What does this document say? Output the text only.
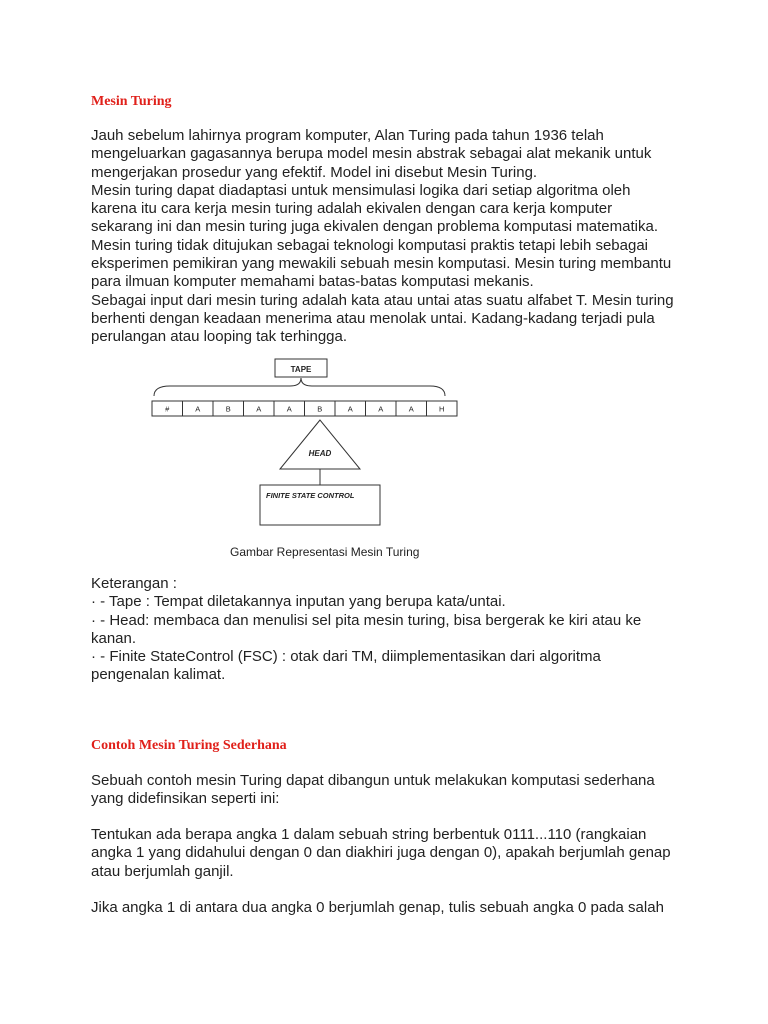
Mesin Turing

Jauh sebelum lahirnya program komputer, Alan Turing pada tahun 1936 telah
mengeluarkan gagasannya berupa model mesin abstrak sebagai alat mekanik untuk
mengerjakan prosedur yang efektif. Model ini disebut Mesin Turing.
Mesin turing dapat diadaptasi untuk mensimulasi logika dari setiap algoritma oleh
karena itu cara kerja mesin turing adalah ekivalen dengan cara kerja komputer
sekarang ini dan mesin turing juga ekivalen dengan problema komputasi matematika.
Mesin turing tidak ditujukan sebagai teknologi komputasi praktis tetapi lebih sebagai
eksperimen pemikiran yang mewakili sebuah mesin komputasi. Mesin turing membantu
para ilmuan komputer memahami batas-batas komputasi mekanis.
Sebagai input dari mesin turing adalah kata atau untai atas suatu alfabet T. Mesin turing
berhenti dengan keadaan menerima atau menolak untai. Kadang-kadang terjadi pula
perulangan atau looping tak terhingga.

TAPE
#	A	B	A	A	B	A	A	A	H
HEAD
FINITE STATE CONTROL
Gambar Representasi Mesin Turing

Keterangan :
· - Tape : Tempat diletakannya inputan yang berupa kata/untai.
· - Head: membaca dan menulisi sel pita mesin turing, bisa bergerak ke kiri atau ke
kanan.
· - Finite StateControl (FSC) : otak dari TM, diimplementasikan dari algoritma
pengenalan kalimat.

Contoh Mesin Turing Sederhana

Sebuah contoh mesin Turing dapat dibangun untuk melakukan komputasi sederhana
yang didefinsikan seperti ini:

Tentukan ada berapa angka 1 dalam sebuah string berbentuk 0111...110 (rangkaian
angka 1 yang didahului dengan 0 dan diakhiri juga dengan 0), apakah berjumlah genap
atau berjumlah ganjil.

Jika angka 1 di antara dua angka 0 berjumlah genap, tulis sebuah angka 0 pada salah
